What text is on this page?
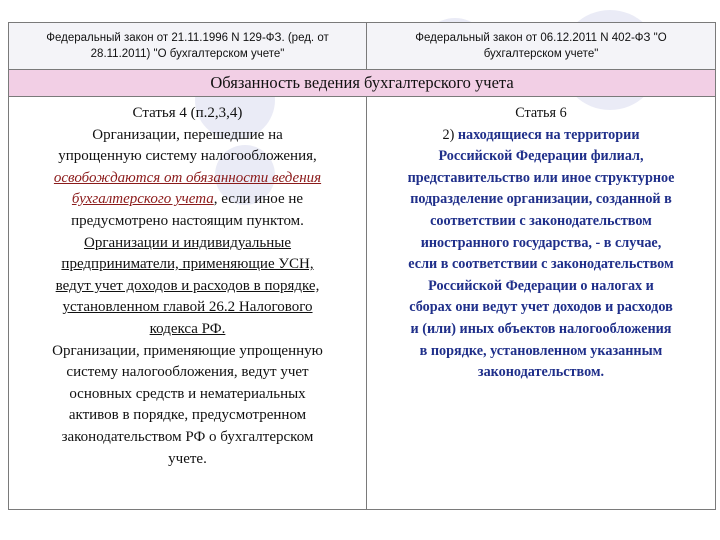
Федеральный закон от 21.11.1996 N 129-ФЗ. (ред. от
28.11.2011) "О бухгалтерском учете"
Федеральный закон от 06.12.2011 N 402-ФЗ "О
бухгалтерском учете"
Обязанность ведения бухгалтерского учета
Статья 4 (п.2,3,4)
Организации, перешедшие на
упрощенную систему налогообложения,
освобождаются от обязанности ведения
бухгалтерского учета, если иное не
предусмотрено настоящим пунктом.
Организации и индивидуальные
предприниматели, применяющие УСН,
ведут учет доходов и расходов в порядке,
установленном главой 26.2 Налогового
кодекса РФ.
Организации, применяющие упрощенную
систему налогообложения, ведут учет
основных средств и нематериальных
активов в порядке, предусмотренном
законодательством РФ о бухгалтерском
учете.
Статья 6
2) находящиеся на территории
Российской Федерации филиал,
представительство или иное структурное
подразделение организации, созданной в
соответствии с законодательством
иностранного государства, - в случае,
если в соответствии с законодательством
Российской Федерации о налогах и
сборах они ведут учет доходов и расходов
и (или) иных объектов налогообложения
в порядке, установленном указанным
законодательством.
